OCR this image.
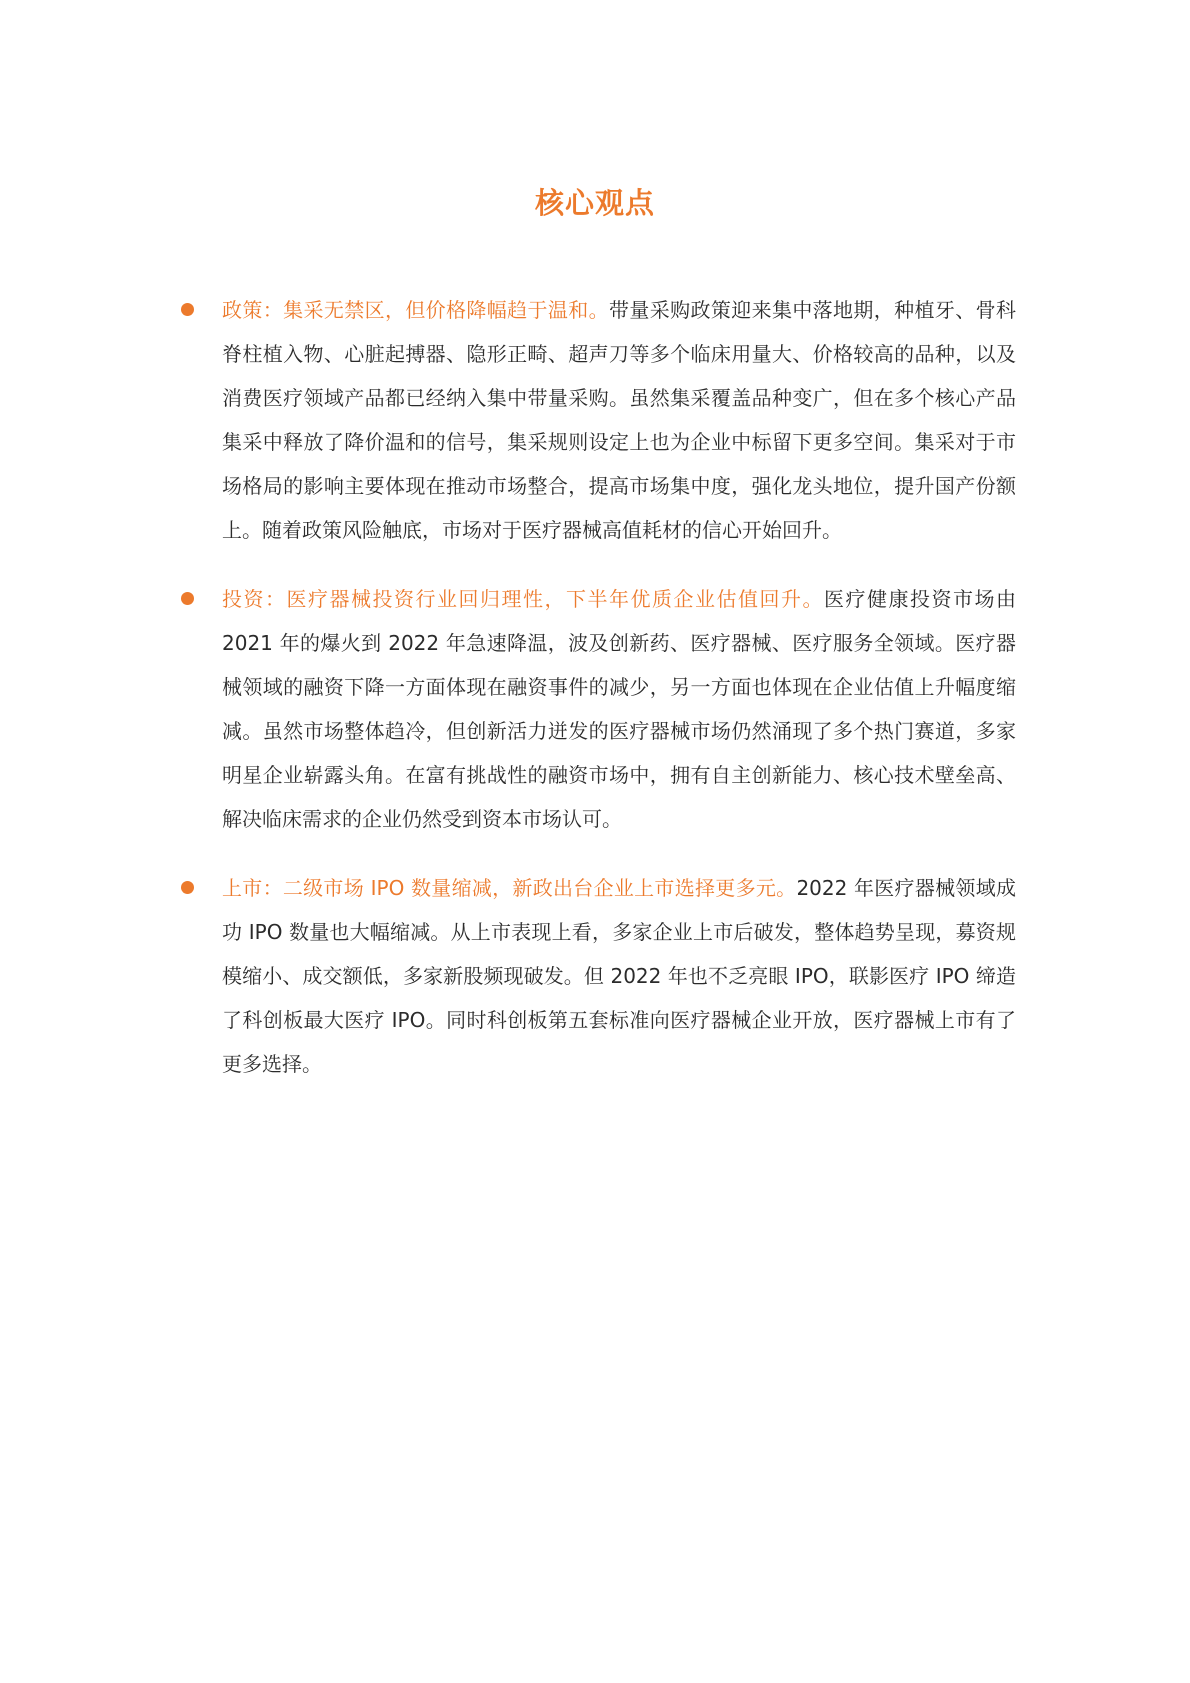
核心观点
政策：集采无禁区，但价格降幅趋于温和。带量采购政策迎来集中落地期，种植牙、骨科脊柱植入物、心脏起搏器、隐形正畸、超声刀等多个临床用量大、价格较高的品种，以及消费医疗领域产品都已经纳入集中带量采购。虽然集采覆盖品种变广，但在多个核心产品集采中释放了降价温和的信号，集采规则设定上也为企业中标留下更多空间。集采对于市场格局的影响主要体现在推动市场整合，提高市场集中度，强化龙头地位，提升国产份额上。随着政策风险触底，市场对于医疗器械高值耗材的信心开始回升。
投资：医疗器械投资行业回归理性，下半年优质企业估值回升。医疗健康投资市场由 2021 年的爆火到 2022 年急速降温，波及创新药、医疗器械、医疗服务全领域。医疗器械领域的融资下降一方面体现在融资事件的减少，另一方面也体现在企业估值上升幅度缩减。虽然市场整体趋冷，但创新活力迸发的医疗器械市场仍然涌现了多个热门赛道，多家明星企业崭露头角。在富有挑战性的融资市场中，拥有自主创新能力、核心技术壁垒高、解决临床需求的企业仍然受到资本市场认可。
上市：二级市场 IPO 数量缩减，新政出台企业上市选择更多元。2022 年医疗器械领域成功 IPO 数量也大幅缩减。从上市表现上看，多家企业上市后破发，整体趋势呈现，募资规模缩小、成交额低，多家新股频现破发。但 2022 年也不乏亮眼 IPO，联影医疗 IPO 缔造了科创板最大医疗 IPO。同时科创板第五套标准向医疗器械企业开放，医疗器械上市有了更多选择。
